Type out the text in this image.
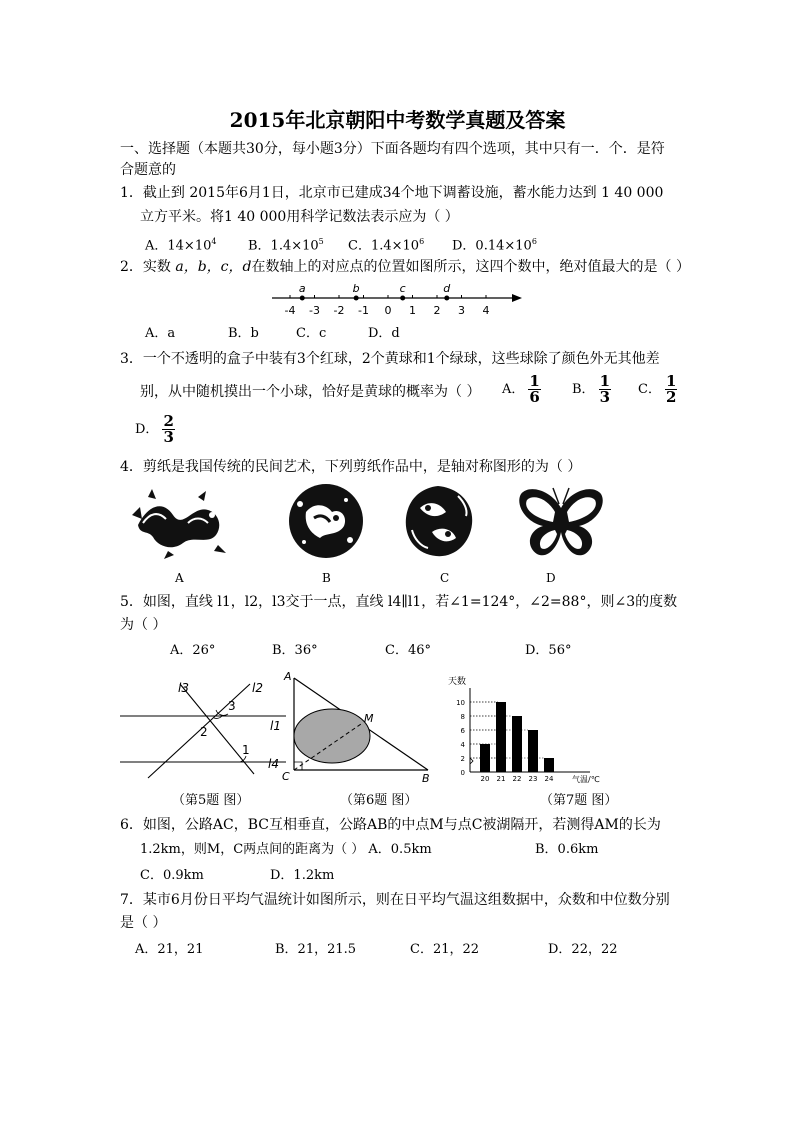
2015年北京朝阳中考数学真题及答案
一、选择题（本题共30分，每小题3分）下面各题均有四个选项，其中只有一．个．是符
合题意的
1．截止到 2015年6月1日，北京市已建成34个地下调蓄设施，蓄水能力达到 1 40 000
立方平米。将1 40 000用科学记数法表示应为（ ）
A．$14\times 10^4$ B．$1.4\times 10^5$ C．$1.4\times 10^6$ D．$0.14\times 10^6$
2．实数 a，b，c，d在数轴上的对应点的位置如图所示，这四个数中，绝对值最大的是（ ）
-4 -3 -2 -1 0 1 2 3 4
a	b	c	d
A．a	B．b	C．c	D．d
3．一个不透明的盒子中装有3个红球，2个黄球和1个绿球，这些球除了颜色外无其他差
别，从中随机摸出一个小球，恰好是黄球的概率为（ ） A． $\frac{1}{6}$ B． $\frac{1}{3}$ C． $\frac{1}{2}$
D． $\frac{2}{3}$
4．剪纸是我国传统的民间艺术，下列剪纸作品中，是轴对称图形的为（ ）
A	B	C	D
5．如图，直线 l1，l2，l3交于一点，直线 l4∥l1，若∠1=124°，∠2=88°，则∠3的度数
为（ ）
A．26°	B．36°	C．46°	D．56°
l3	l2
l1
l4
1
2
3
A
B
C
M
天数
0
2
4
6
8
10
20 21 22 23 24 气温/℃
（第5题 图）	（第6题 图）	（第7题 图）
6．如图，公路AC，BC互相垂直，公路AB的中点M与点C被湖隔开，若测得AM的长为
1.2km，则M，C两点间的距离为（ ） A．0.5km	B．0.6km
C．0.9km	D．1.2km
7．某市6月份日平均气温统计如图所示，则在日平均气温这组数据中，众数和中位数分别
是（ ）
A．21，21	B．21，21.5	C．21，22	D．22，22
